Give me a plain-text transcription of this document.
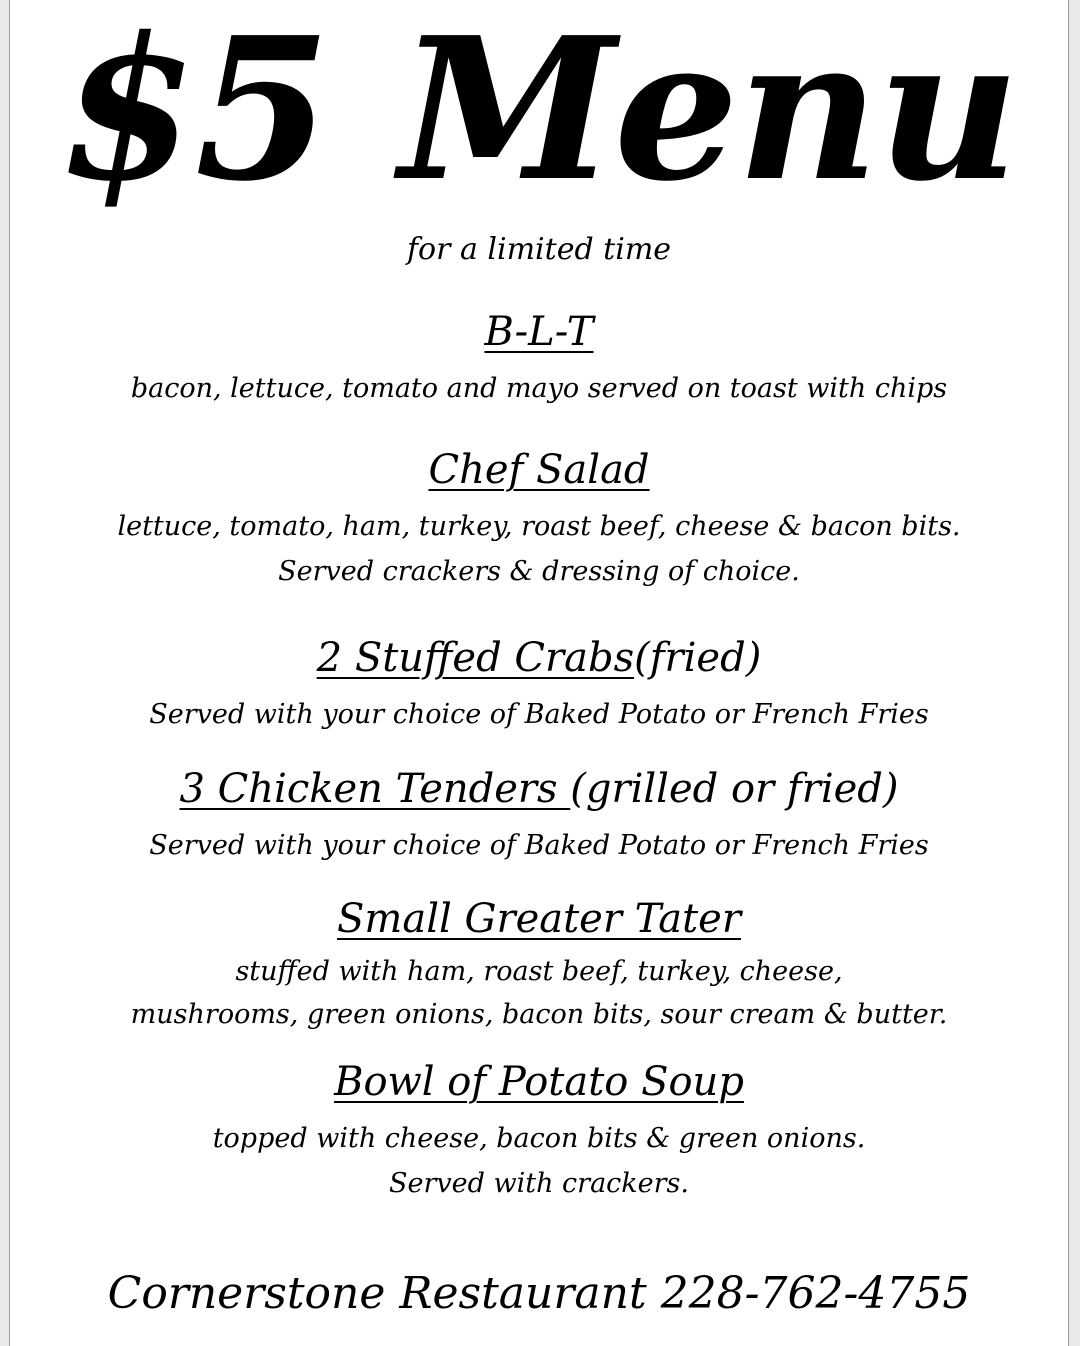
$5 Menu
for a limited time
B-L-T
bacon, lettuce, tomato and mayo served on toast with chips
Chef Salad
lettuce, tomato, ham, turkey, roast beef, cheese & bacon bits.
Served crackers & dressing of choice.
2 Stuffed Crabs(fried)
Served with your choice of Baked Potato or French Fries
3 Chicken Tenders (grilled or fried)
Served with your choice of Baked Potato or French Fries
Small Greater Tater
stuffed with ham, roast beef, turkey, cheese,
mushrooms, green onions, bacon bits, sour cream & butter.
Bowl of Potato Soup
topped with cheese, bacon bits & green onions.
Served with crackers.
Cornerstone Restaurant 228-762-4755
